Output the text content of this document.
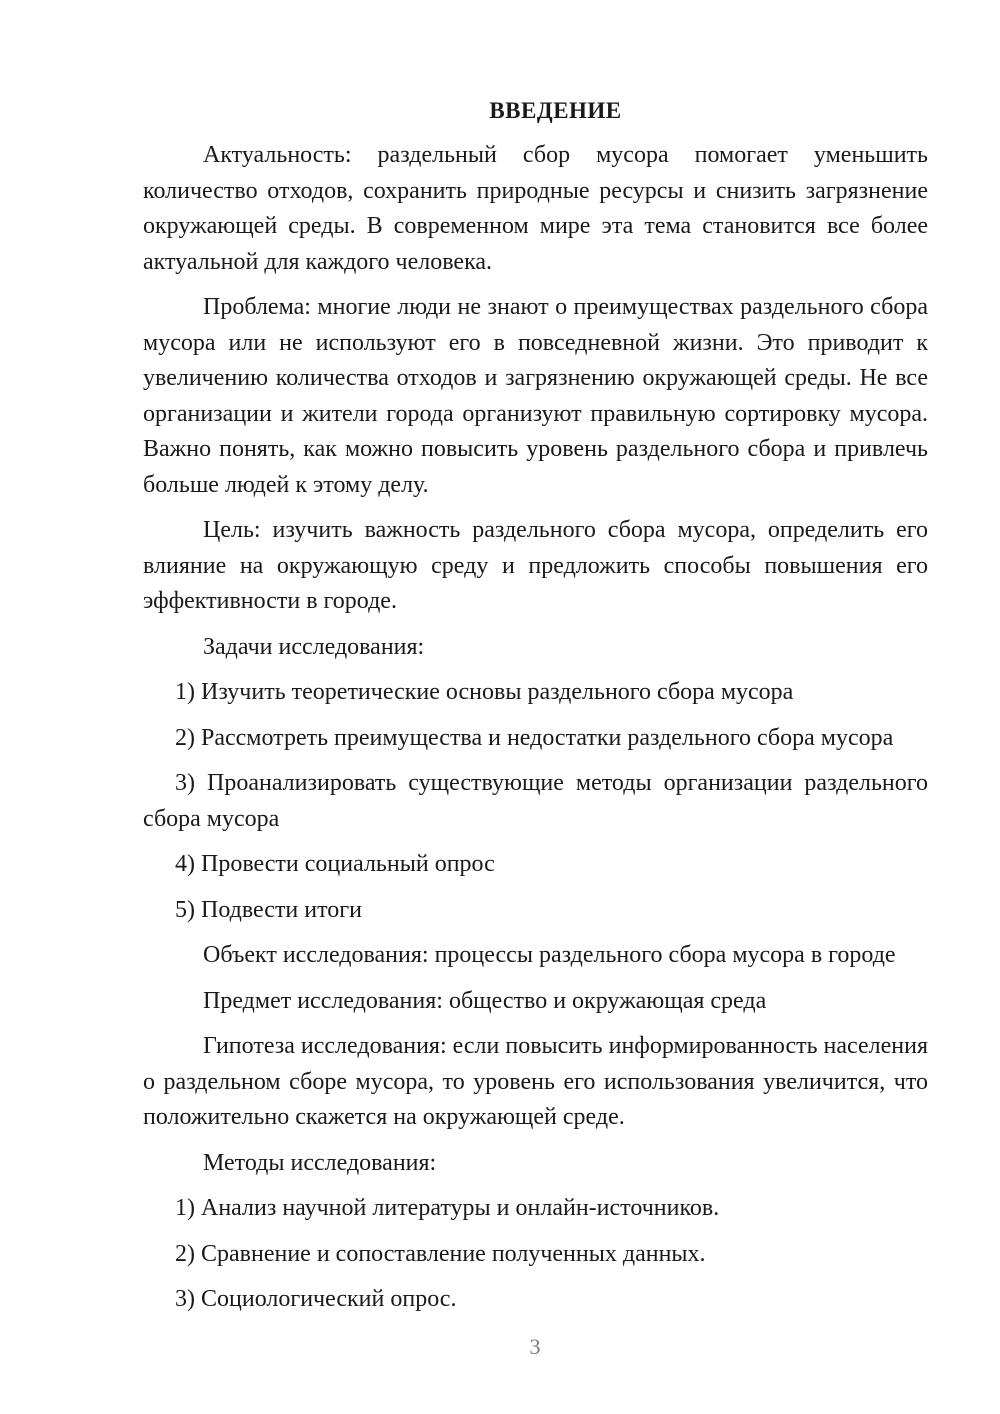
ВВЕДЕНИЕ

Актуальность: раздельный сбор мусора помогает уменьшить количество отходов, сохранить природные ресурсы и снизить загрязнение окружающей среды. В современном мире эта тема становится все более актуальной для каждого человека.

Проблема: многие люди не знают о преимуществах раздельного сбора мусора или не используют его в повседневной жизни. Это приводит к увеличению количества отходов и загрязнению окружающей среды. Не все организации и жители города организуют правильную сортировку мусора. Важно понять, как можно повысить уровень раздельного сбора и привлечь больше людей к этому делу.

Цель: изучить важность раздельного сбора мусора, определить его влияние на окружающую среду и предложить способы повышения его эффективности в городе.

Задачи исследования:
1) Изучить теоретические основы раздельного сбора мусора
2) Рассмотреть преимущества и недостатки раздельного сбора мусора

3) Проанализировать существующие методы организации раздельного сбора мусора

4) Провести социальный опрос
5) Подвести итоги
Объект исследования: процессы раздельного сбора мусора в городе
Предмет исследования: общество и окружающая среда

Гипотеза исследования: если повысить информированность населения о раздельном сборе мусора, то уровень его использования увеличится, что положительно скажется на окружающей среде.

Методы исследования:
1) Анализ научной литературы и онлайн-источников.
2) Сравнение и сопоставление полученных данных.
3) Социологический опрос.
3
